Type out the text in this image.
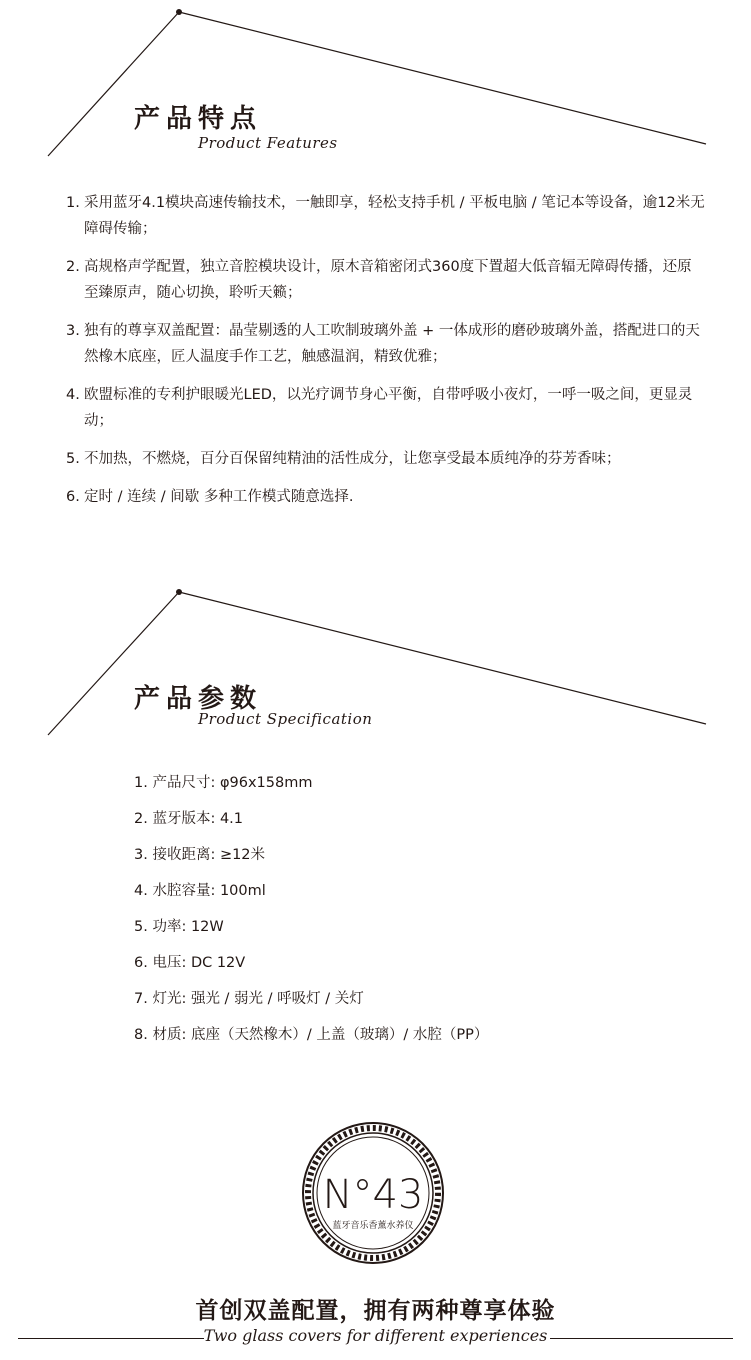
产品特点
Product Features
1. 采用蓝牙4.1模块高速传输技术，一触即享，轻松支持手机 / 平板电脑 / 笔记本等设备，逾12米无障碍传输；
2. 高规格声学配置，独立音腔模块设计，原木音箱密闭式360度下置超大低音辐无障碍传播，还原至臻原声，随心切换，聆听天籁；
3. 独有的尊享双盖配置：晶莹剔透的人工吹制玻璃外盖 + 一体成形的磨砂玻璃外盖，搭配进口的天然橡木底座，匠人温度手作工艺，触感温润，精致优雅；
4. 欧盟标准的专利护眼暖光LED，以光疗调节身心平衡，自带呼吸小夜灯，一呼一吸之间，更显灵动；
5. 不加热，不燃烧，百分百保留纯精油的活性成分，让您享受最本质纯净的芬芳香味；
6. 定时 / 连续 / 间歇 多种工作模式随意选择.
产品参数
Product Specification
1. 产品尺寸: φ96x158mm
2. 蓝牙版本: 4.1
3. 接收距离: ≥12米
4. 水腔容量: 100ml
5. 功率: 12W
6. 电压: DC 12V
7. 灯光: 强光 / 弱光 / 呼吸灯 / 关灯
8. 材质: 底座（天然橡木）/ 上盖（玻璃）/ 水腔（PP）
N°43
蓝牙音乐香薰水养仪
首创双盖配置，拥有两种尊享体验
Two glass covers for different experiences
